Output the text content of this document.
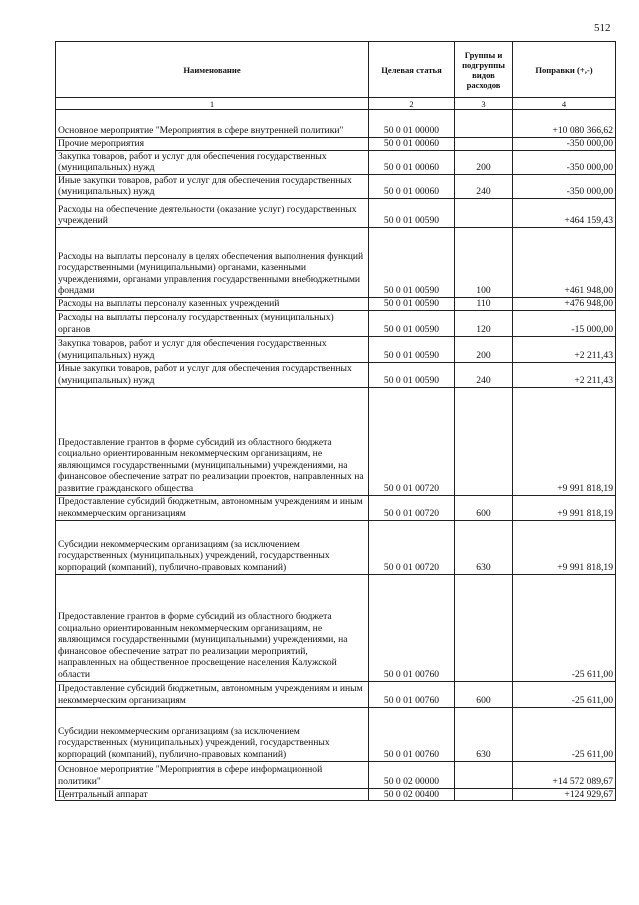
512
Наименование	Целевая статья	Группы и подгруппы видов расходов	Поправки (+,-)
1	2	3	4
Основное мероприятие "Мероприятия в сфере внутренней политики"	50 0 01 00000		+10 080 366,62
Прочие мероприятия	50 0 01 00060		-350 000,00
Закупка товаров, работ и услуг для обеспечения государственных (муниципальных) нужд	50 0 01 00060	200	-350 000,00
Иные закупки товаров, работ и услуг для обеспечения государственных (муниципальных) нужд	50 0 01 00060	240	-350 000,00
Расходы на обеспечение деятельности (оказание услуг) государственных учреждений	50 0 01 00590		+464 159,43
Расходы на выплаты персоналу в целях обеспечения выполнения функций государственными (муниципальными) органами, казенными учреждениями, органами управления государственными внебюджетными фондами	50 0 01 00590	100	+461 948,00
Расходы на выплаты персоналу казенных учреждений	50 0 01 00590	110	+476 948,00
Расходы на выплаты персоналу государственных (муниципальных) органов	50 0 01 00590	120	-15 000,00
Закупка товаров, работ и услуг для обеспечения государственных (муниципальных) нужд	50 0 01 00590	200	+2 211,43
Иные закупки товаров, работ и услуг для обеспечения государственных (муниципальных) нужд	50 0 01 00590	240	+2 211,43
Предоставление грантов в форме субсидий из областного бюджета социально ориентированным некоммерческим организациям, не являющимся государственными (муниципальными) учреждениями, на финансовое обеспечение затрат по реализации проектов, направленных на развитие гражданского общества	50 0 01 00720		+9 991 818,19
Предоставление субсидий бюджетным, автономным учреждениям и иным некоммерческим организациям	50 0 01 00720	600	+9 991 818,19
Субсидии некоммерческим организациям (за исключением государственных (муниципальных) учреждений, государственных корпораций (компаний), публично-правовых компаний)	50 0 01 00720	630	+9 991 818,19
Предоставление грантов в форме субсидий из областного бюджета социально ориентированным некоммерческим организациям, не являющимся государственными (муниципальными) учреждениями, на финансовое обеспечение затрат по реализации мероприятий, направленных на общественное просвещение населения Калужской области	50 0 01 00760		-25 611,00
Предоставление субсидий бюджетным, автономным учреждениям и иным некоммерческим организациям	50 0 01 00760	600	-25 611,00
Субсидии некоммерческим организациям (за исключением государственных (муниципальных) учреждений, государственных корпораций (компаний), публично-правовых компаний)	50 0 01 00760	630	-25 611,00
Основное мероприятие "Мероприятия в сфере информационной политики"	50 0 02 00000		+14 572 089,67
Центральный аппарат	50 0 02 00400		+124 929,67
